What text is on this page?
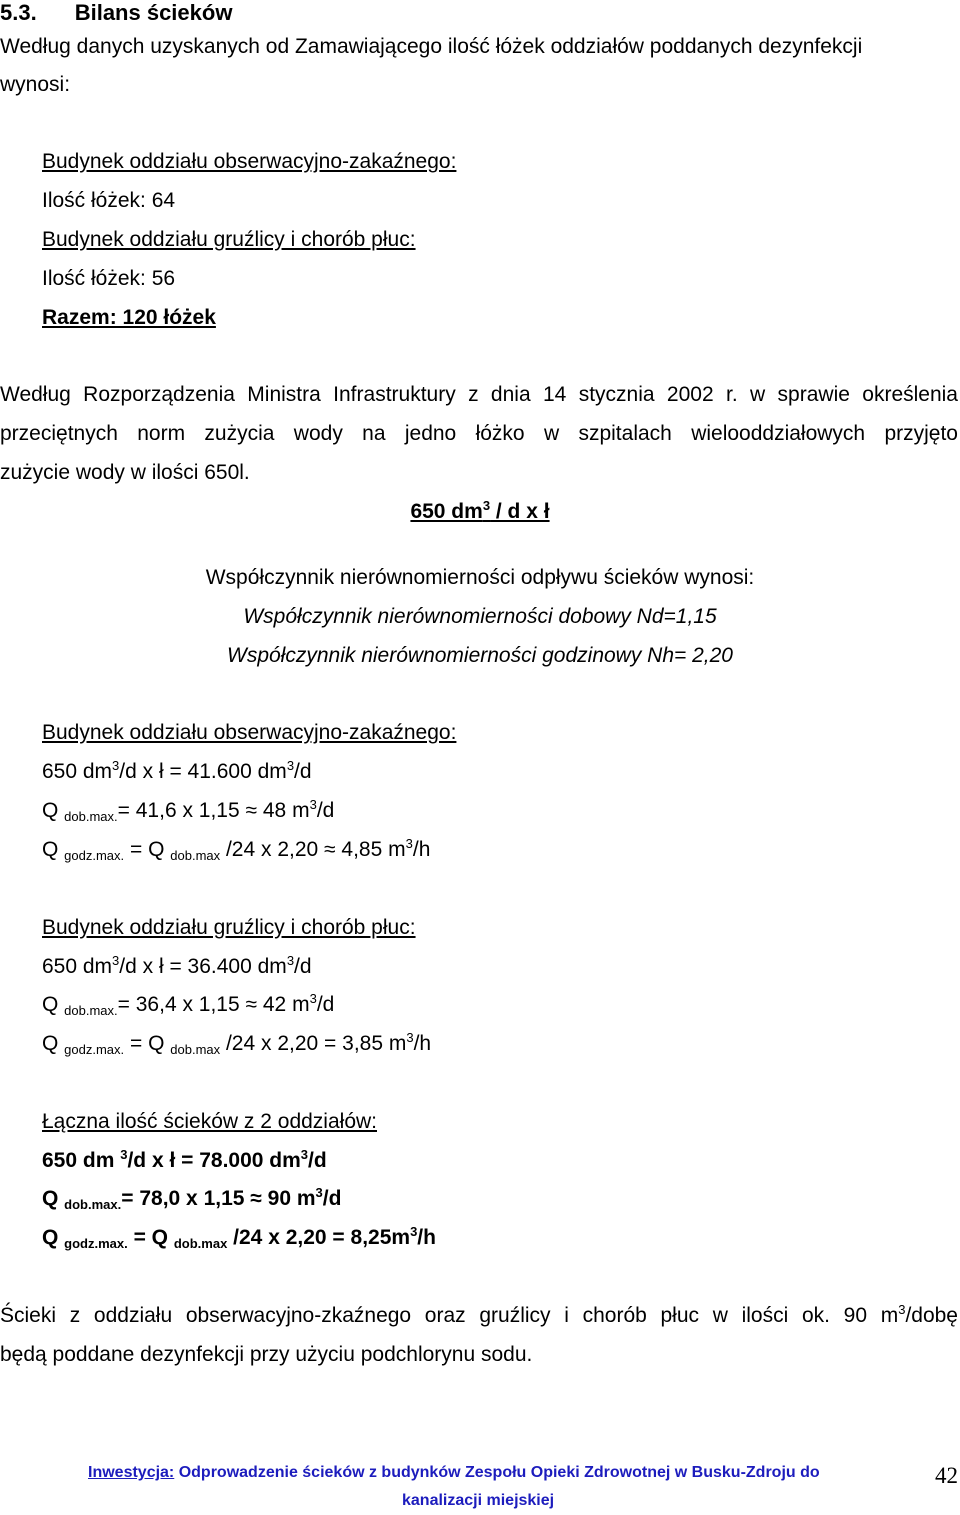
5.3. Bilans ścieków
Według danych uzyskanych od Zamawiającego ilość łóżek oddziałów poddanych dezynfekcji
wynosi:
Budynek oddziału obserwacyjno-zakaźnego:
Ilość łóżek: 64
Budynek oddziału gruźlicy i chorób płuc:
Ilość łóżek: 56
Razem: 120 łóżek
Według Rozporządzenia Ministra Infrastruktury z dnia 14 stycznia 2002 r. w sprawie określenia
przeciętnych norm zużycia wody na jedno łóżko w szpitalach wielooddziałowych przyjęto
zużycie wody w ilości 650l.
650 $dm^3$ / d x ł
Współczynnik nierównomierności odpływu ścieków wynosi:
Współczynnik nierównomierności dobowy Nd=1,15
Współczynnik nierównomierności godzinowy Nh= 2,20
Budynek oddziału obserwacyjno-zakaźnego:
650 $dm^3/d$ x ł = 41.600 $dm^3/d$
Q dob.max.= 41,6 x 1,15 ≈ 48 $m^3/d$
Q godz.max. = Q dob.max /24 x 2,20 ≈ 4,85 $m^3/h$
Budynek oddziału gruźlicy i chorób płuc:
650 $dm^3/d$ x ł = 36.400 $dm^3/d$
Q dob.max.= 36,4 x 1,15 ≈ 42 $m^3/d$
Q godz.max. = Q dob.max /24 x 2,20 = 3,85 $m^3/h$
Łączna ilość ścieków z 2 oddziałów:
650 dm $^3$/d x ł = 78.000 $dm^3/d$
Q dob.max.= 78,0 x 1,15 ≈ 90 $m^3/d$
Q godz.max. = Q dob.max /24 x $2,20 = 8,25m^3/h$
Ścieki z oddziału obserwacyjno-zkaźnego oraz gruźlicy i chorób płuc w ilości ok. 90 $m^3$/dobę
będą poddane dezynfekcji przy użyciu podchlorynu sodu.
Inwestycja: Odprowadzenie ścieków z budynków Zespołu Opieki Zdrowotnej w Busku-Zdroju do
kanalizacji miejskiej
42
